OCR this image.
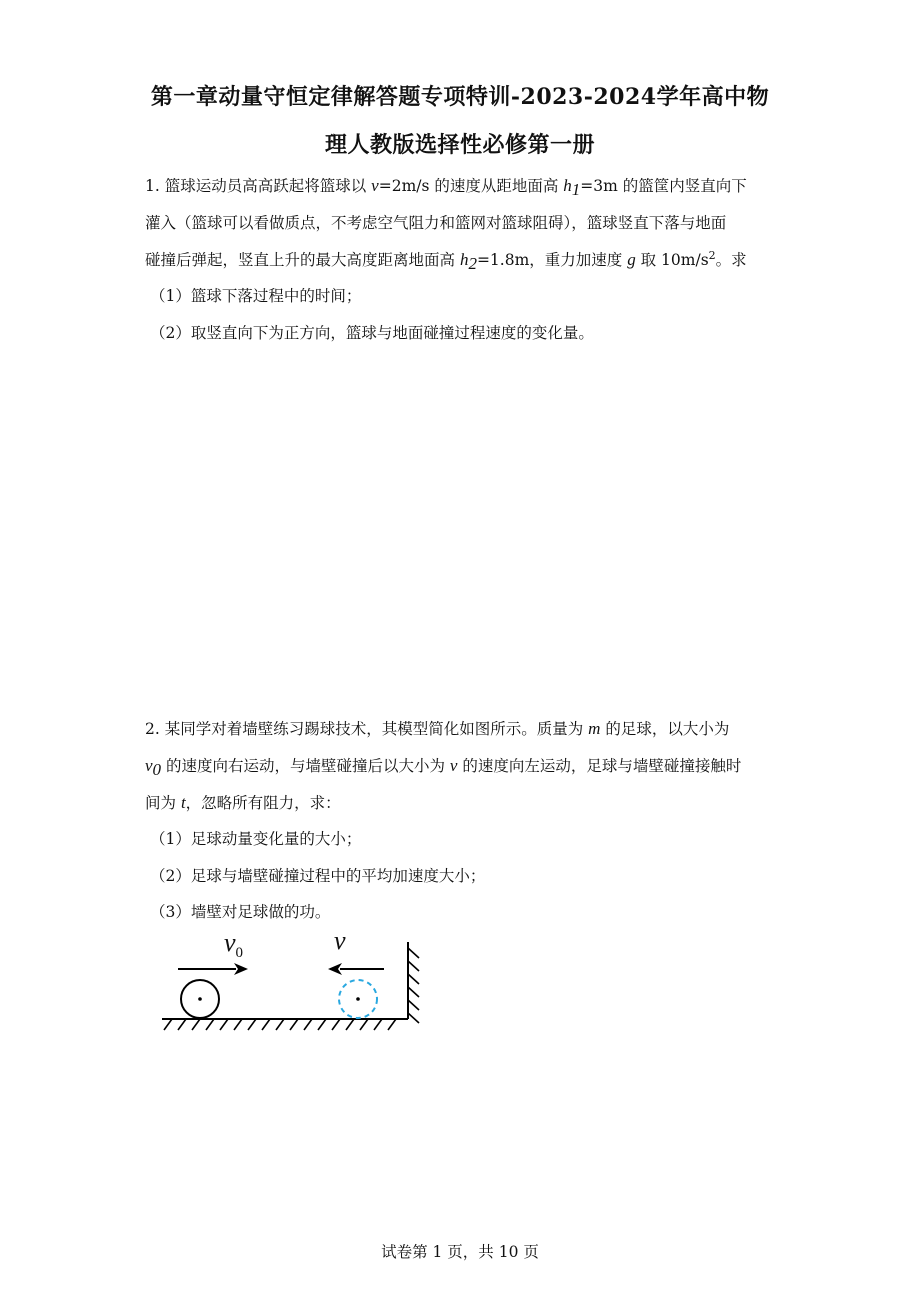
第一章动量守恒定律解答题专项特训-2023-2024学年高中物
理人教版选择性必修第一册
1. 篮球运动员高高跃起将篮球以 v=2m/s 的速度从距地面高 $h_1=3m$ 的篮筐内竖直向下
灌入（篮球可以看做质点，不考虑空气阻力和篮网对篮球阻碍），篮球竖直下落与地面
碰撞后弹起，竖直上升的最大高度距离地面高 $h_2=1.8m$，重力加速度 g 取 $10m/s^2$。求
（1）篮球下落过程中的时间；
（2）取竖直向下为正方向，篮球与地面碰撞过程速度的变化量。
2. 某同学对着墙壁练习踢球技术，其模型简化如图所示。质量为 m 的足球，以大小为
$v_0$ 的速度向右运动，与墙壁碰撞后以大小为 v 的速度向左运动，足球与墙壁碰撞接触时
间为 t，忽略所有阻力，求：
（1）足球动量变化量的大小；
（2）足球与墙壁碰撞过程中的平均加速度大小；
（3）墙壁对足球做的功。
$v_0$	v
试卷第 1 页，共 10 页
